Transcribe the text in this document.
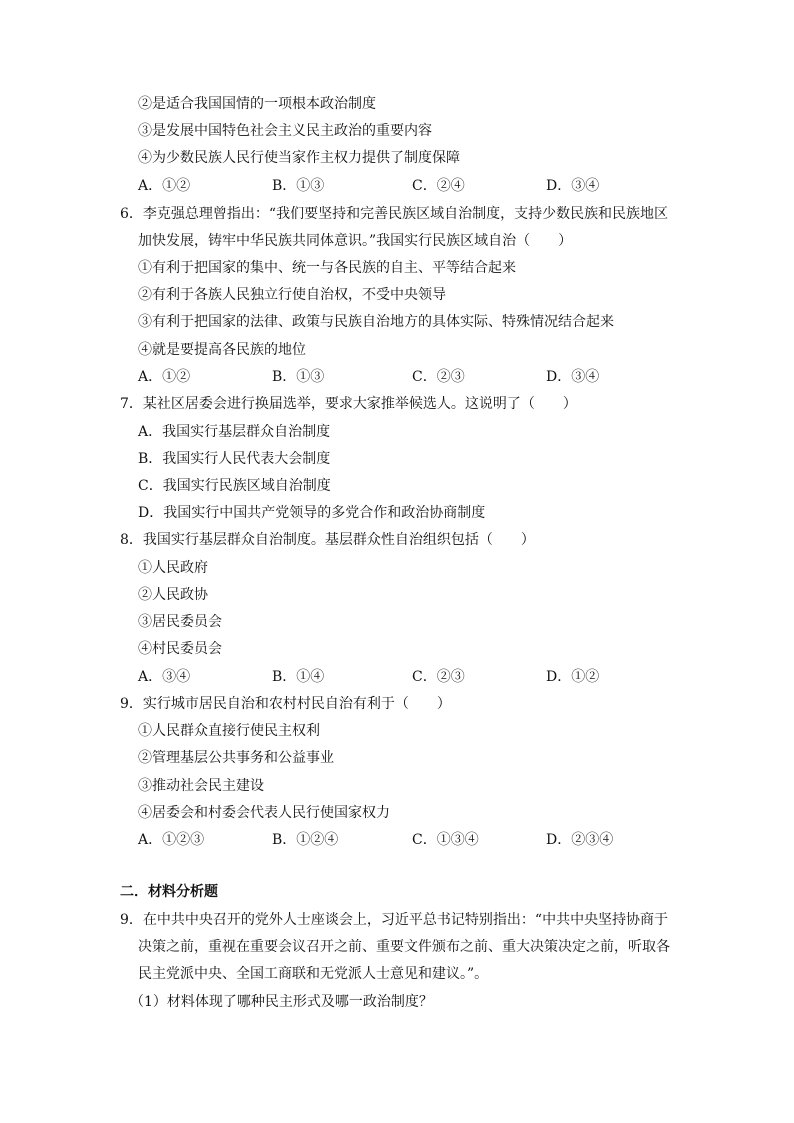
②是适合我国国情的一项根本政治制度
③是发展中国特色社会主义民主政治的重要内容
④为少数民族人民行使当家作主权力提供了制度保障
A．①②	B．①③	C．②④	D．③④
6．李克强总理曾指出：“我们要坚持和完善民族区域自治制度，支持少数民族和民族地区
加快发展，铸牢中华民族共同体意识。”我国实行民族区域自治（　　）
①有利于把国家的集中、统一与各民族的自主、平等结合起来
②有利于各族人民独立行使自治权，不受中央领导
③有利于把国家的法律、政策与民族自治地方的具体实际、特殊情况结合起来
④就是要提高各民族的地位
A．①②	B．①③	C．②③	D．③④
7．某社区居委会进行换届选举，要求大家推举候选人。这说明了（　　）
A．我国实行基层群众自治制度
B．我国实行人民代表大会制度
C．我国实行民族区域自治制度
D．我国实行中国共产党领导的多党合作和政治协商制度
8．我国实行基层群众自治制度。基层群众性自治组织包括（　　）
①人民政府
②人民政协
③居民委员会
④村民委员会
A．③④	B．①④	C．②③	D．①②
9．实行城市居民自治和农村村民自治有利于（　　）
①人民群众直接行使民主权利
②管理基层公共事务和公益事业
③推动社会民主建设
④居委会和村委会代表人民行使国家权力
A．①②③	B．①②④	C．①③④	D．②③④
二．材料分析题
9．在中共中央召开的党外人士座谈会上，习近平总书记特别指出：“中共中央坚持协商于
决策之前，重视在重要会议召开之前、重要文件颁布之前、重大决策决定之前，听取各
民主党派中央、全国工商联和无党派人士意见和建议。”。
（1）材料体现了哪种民主形式及哪一政治制度？
